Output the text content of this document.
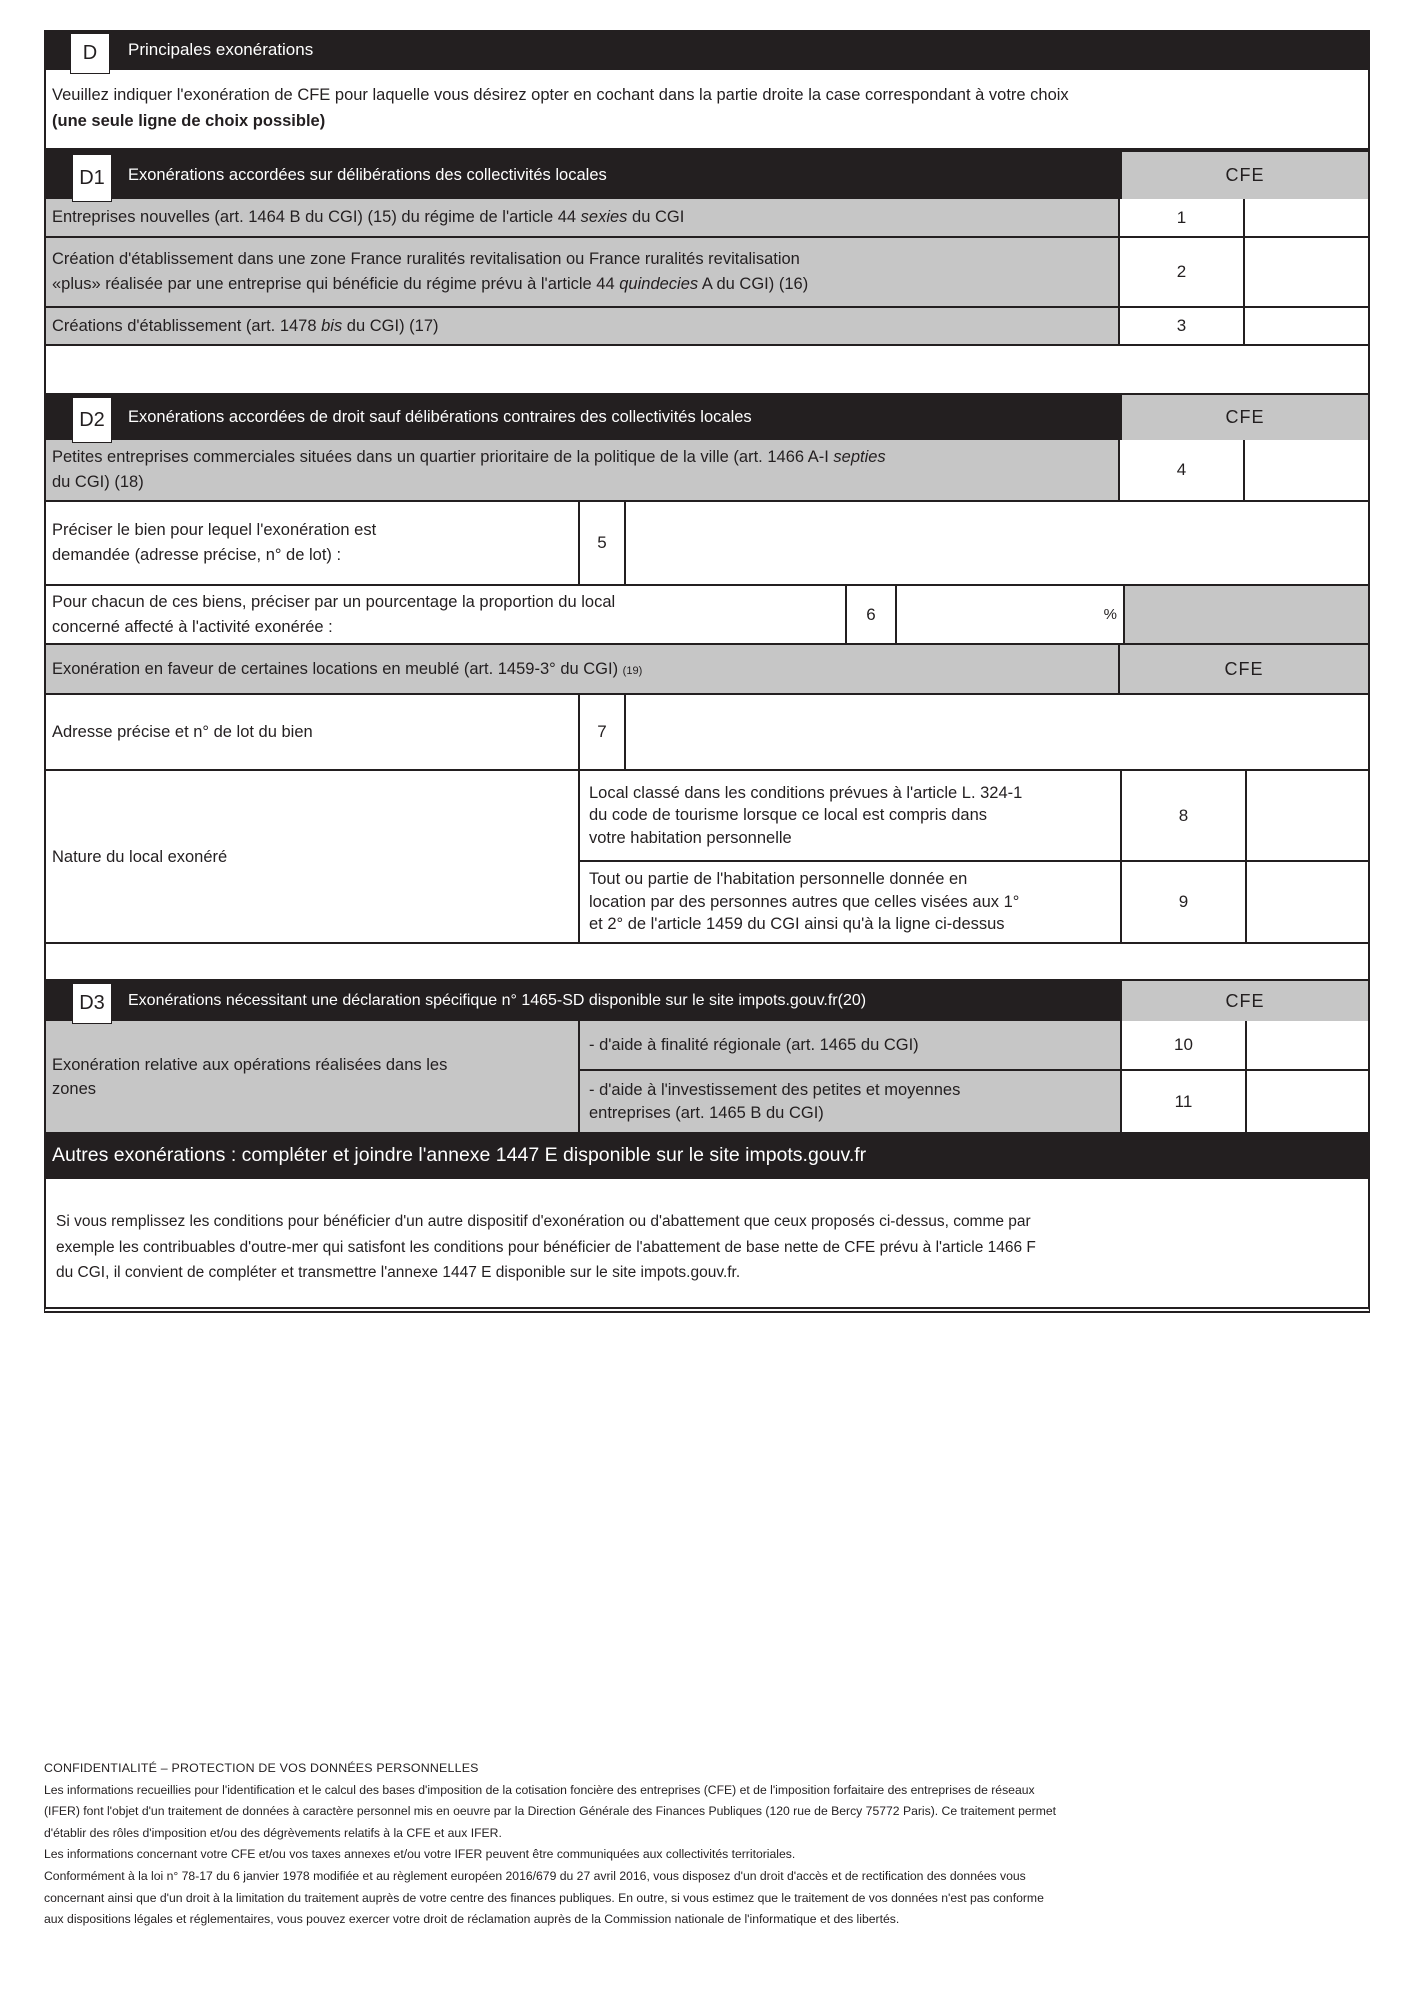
D	Principales exonérations
Veuillez indiquer l'exonération de CFE pour laquelle vous désirez opter en cochant dans la partie droite la case correspondant à votre choix
(une seule ligne de choix possible)
D1	Exonérations accordées sur délibérations des collectivités locales	CFE
Entreprises nouvelles (art. 1464 B du CGI) (15) du régime de l'article 44 sexies du CGI	1
Création d'établissement dans une zone France ruralités revitalisation ou France ruralités revitalisation
«plus» réalisée par une entreprise qui bénéficie du régime prévu à l'article 44 quindecies A du CGI) (16)
2
Créations d'établissement (art. 1478 bis du CGI) (17)	3
D2	Exonérations accordées de droit sauf délibérations contraires des collectivités locales	CFE
Petites entreprises commerciales situées dans un quartier prioritaire de la politique de la ville (art. 1466 A-I septies
du CGI) (18)
4
Préciser le bien pour lequel l'exonération est
demandée (adresse précise, n° de lot) :
5
Pour chacun de ces biens, préciser par un pourcentage la proportion du local
concerné affecté à l'activité exonérée :
6	%
Exonération en faveur de certaines locations en meublé (art. 1459-3° du CGI) (19)	CFE
Adresse précise et n° de lot du bien	7
Nature du local exonéré
Local classé dans les conditions prévues à l'article L. 324-1
du code de tourisme lorsque ce local est compris dans
votre habitation personnelle
8
Tout ou partie de l'habitation personnelle donnée en
location par des personnes autres que celles visées aux 1°
et 2° de l'article 1459 du CGI ainsi qu'à la ligne ci-dessus
9
D3	Exonérations nécessitant une déclaration spécifique n° 1465-SD disponible sur le site impots.gouv.fr(20)	CFE
Exonération relative aux opérations réalisées dans les
zones
- d'aide à finalité régionale (art. 1465 du CGI)	10
- d'aide à l'investissement des petites et moyennes
entreprises (art. 1465 B du CGI)
11
Autres exonérations : compléter et joindre l'annexe 1447 E disponible sur le site impots.gouv.fr
Si vous remplissez les conditions pour bénéficier d'un autre dispositif d'exonération ou d'abattement que ceux proposés ci-dessus, comme par
exemple les contribuables d'outre-mer qui satisfont les conditions pour bénéficier de l'abattement de base nette de CFE prévu à l'article 1466 F
du CGI, il convient de compléter et transmettre l'annexe 1447 E disponible sur le site impots.gouv.fr.
CONFIDENTIALITÉ – PROTECTION DE VOS DONNÉES PERSONNELLES
Les informations recueillies pour l'identification et le calcul des bases d'imposition de la cotisation foncière des entreprises (CFE) et de l'imposition forfaitaire des entreprises de réseaux
(IFER) font l'objet d'un traitement de données à caractère personnel mis en oeuvre par la Direction Générale des Finances Publiques (120 rue de Bercy 75772 Paris). Ce traitement permet
d'établir des rôles d'imposition et/ou des dégrèvements relatifs à la CFE et aux IFER.
Les informations concernant votre CFE et/ou vos taxes annexes et/ou votre IFER peuvent être communiquées aux collectivités territoriales.
Conformément à la loi n° 78-17 du 6 janvier 1978 modifiée et au règlement européen 2016/679 du 27 avril 2016, vous disposez d'un droit d'accès et de rectification des données vous
concernant ainsi que d'un droit à la limitation du traitement auprès de votre centre des finances publiques. En outre, si vous estimez que le traitement de vos données n'est pas conforme
aux dispositions légales et réglementaires, vous pouvez exercer votre droit de réclamation auprès de la Commission nationale de l'informatique et des libertés.
